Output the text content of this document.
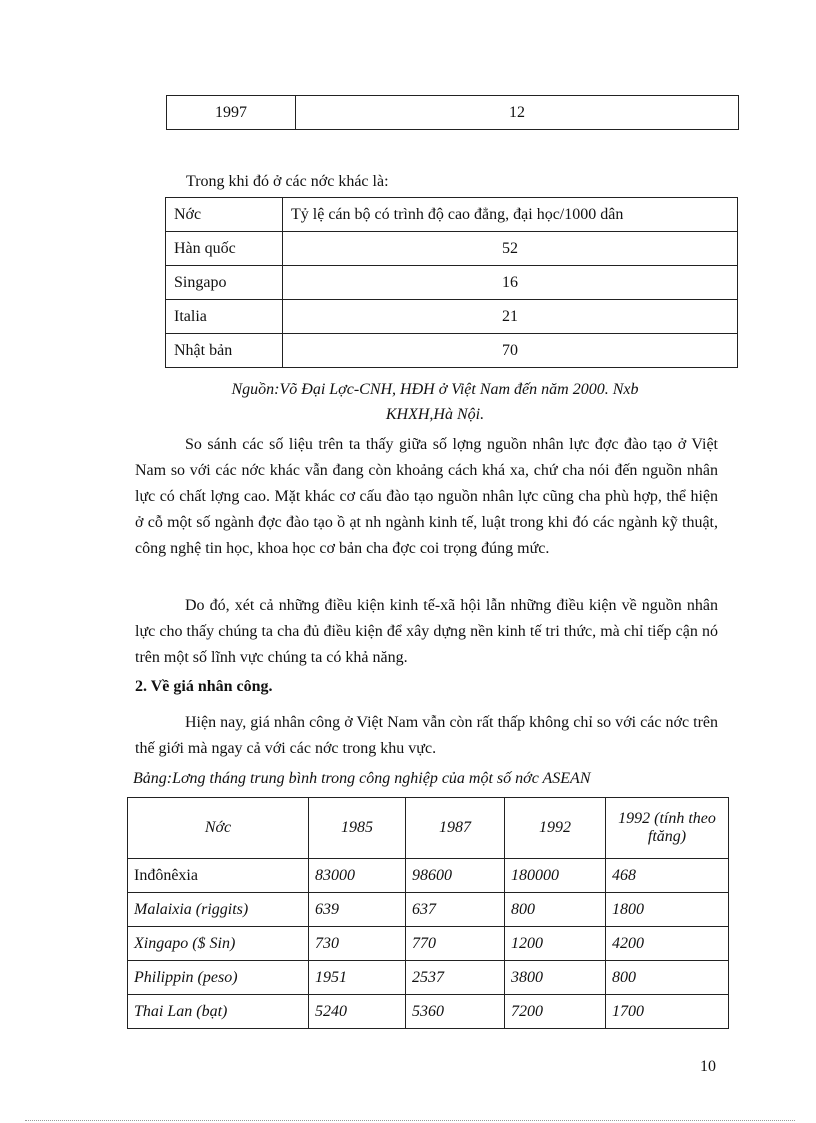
1997	12
Trong khi đó ở các nớc khác là:
Nớc	Tỷ lệ cán bộ có trình độ cao đẳng, đại học/1000 dân
Hàn quốc	52
Singapo	16
Italia	21
Nhật bản	70
Nguồn:Võ Đại Lợc-CNH, HĐH ở Việt Nam đến năm 2000. Nxb
KHXH,Hà Nội.
So sánh các số liệu trên ta thấy giữa số lợng nguồn nhân lực đợc đào tạo ở Việt Nam so với các nớc khác vẫn đang còn khoảng cách khá xa, chứ cha nói đến nguồn nhân lực có chất lợng cao. Mặt khác cơ cấu đào tạo nguồn nhân lực cũng cha phù hợp, thể hiện ở cỗ một số ngành đợc đào tạo ồ ạt nh ngành kinh tế, luật trong khi đó các ngành kỹ thuật, công nghệ tin học, khoa học cơ bản cha đợc coi trọng đúng mức.
Do đó, xét cả những điều kiện kinh tế-xã hội lẫn những điều kiện về nguồn nhân lực cho thấy chúng ta cha đủ điều kiện để xây dựng nền kinh tế tri thức, mà chỉ tiếp cận nó trên một số lĩnh vực chúng ta có khả năng.
2. Về giá nhân công.
Hiện nay, giá nhân công ở Việt Nam vẫn còn rất thấp không chỉ so với các nớc trên thế giới mà ngay cả với các nớc trong khu vực.
Bảng:Lơng tháng trung bình trong công nghiệp của một số nớc ASEAN
Nớc	1985	1987	1992	1992 (tính theo ftăng)
Inđônêxia	83000	98600	180000	468
Malaixia (riggits)	639	637	800	1800
Xingapo ($ Sin)	730	770	1200	4200
Philippin (peso)	1951	2537	3800	800
Thai Lan (bạt)	5240	5360	7200	1700
10
